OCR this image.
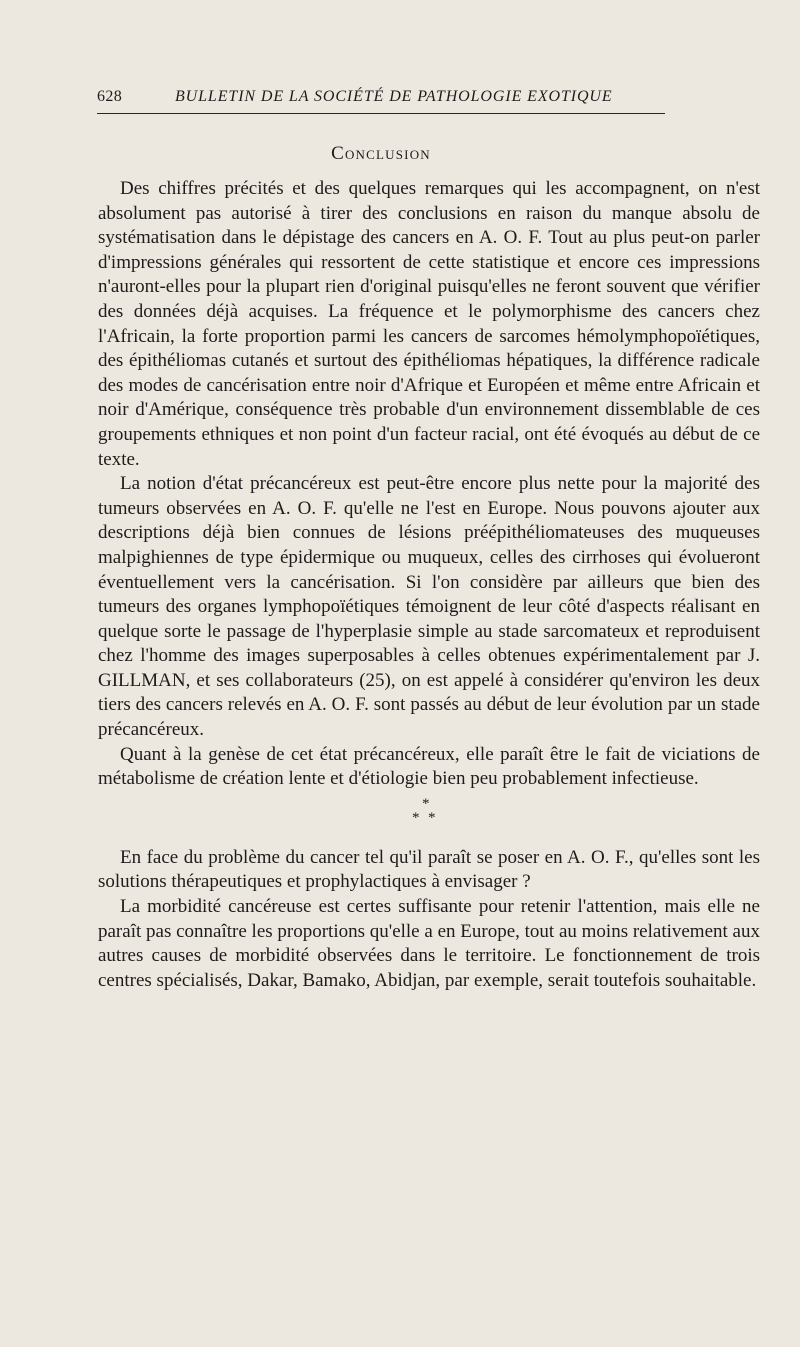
628	BULLETIN DE LA SOCIÉTÉ DE PATHOLOGIE EXOTIQUE
Conclusion

Des chiffres précités et des quelques remarques qui les accompagnent, on n'est absolument pas autorisé à tirer des conclusions en raison du manque absolu de systématisation dans le dépistage des cancers en A. O. F. Tout au plus peut-on parler d'impressions générales qui ressortent de cette statistique et encore ces impressions n'auront-elles pour la plupart rien d'original puisqu'elles ne feront souvent que vérifier des données déjà acquises. La fréquence et le polymorphisme des cancers chez l'Africain, la forte proportion parmi les cancers de sarcomes hémolymphopoïétiques, des épithéliomas cutanés et surtout des épithéliomas hépatiques, la différence radicale des modes de cancérisation entre noir d'Afrique et Européen et même entre Africain et noir d'Amérique, conséquence très probable d'un environnement dissemblable de ces groupements ethniques et non point d'un facteur racial, ont été évoqués au début de ce texte.

La notion d'état précancéreux est peut-être encore plus nette pour la majorité des tumeurs observées en A. O. F. qu'elle ne l'est en Europe. Nous pouvons ajouter aux descriptions déjà bien connues de lésions préépithéliomateuses des muqueuses malpighiennes de type épidermique ou muqueux, celles des cirrhoses qui évolueront éventuellement vers la cancérisation. Si l'on considère par ailleurs que bien des tumeurs des organes lymphopoïétiques témoignent de leur côté d'aspects réalisant en quelque sorte le passage de l'hyperplasie simple au stade sarcomateux et reproduisent chez l'homme des images superposables à celles obtenues expérimentalement par J. GILLMAN, et ses collaborateurs (25), on est appelé à considérer qu'environ les deux tiers des cancers relevés en A. O. F. sont passés au début de leur évolution par un stade précancéreux.

Quant à la genèse de cet état précancéreux, elle paraît être le fait de viciations de métabolisme de création lente et d'étiologie bien peu probablement infectieuse.

*
* *

En face du problème du cancer tel qu'il paraît se poser en A. O. F., qu'elles sont les solutions thérapeutiques et prophylactiques à envisager ?

La morbidité cancéreuse est certes suffisante pour retenir l'attention, mais elle ne paraît pas connaître les proportions qu'elle a en Europe, tout au moins relativement aux autres causes de morbidité observées dans le territoire. Le fonctionnement de trois centres spécialisés, Dakar, Bamako, Abidjan, par exemple, serait toutefois souhaitable.
